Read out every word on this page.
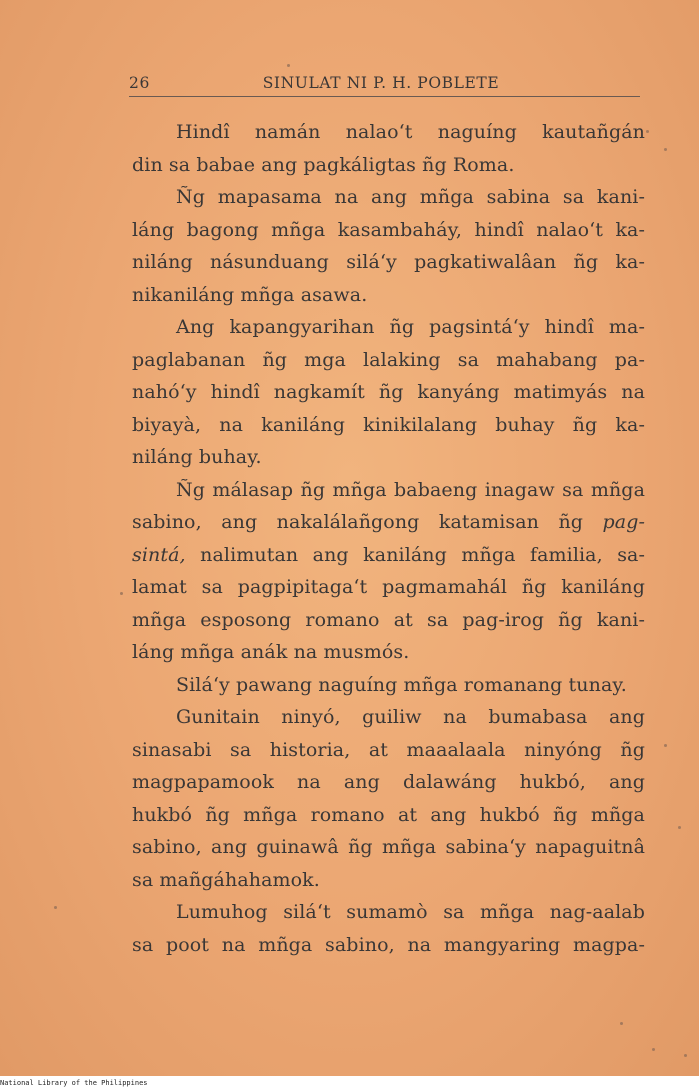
26	SINULAT NI P. H. POBLETE
Hindî namán nalao‘t naguíng kautañgán
din sa babae ang pagkáligtas ñg Roma.
Ñg mapasama na ang mñga sabina sa kani-
láng bagong mñga kasambaháy, hindî nalao‘t ka-
niláng násunduang silá‘y pagkatiwalâan ñg ka-
nikaniláng mñga asawa.
Ang kapangyarihan ñg pagsintá‘y hindî ma-
paglabanan ñg mga lalaking sa mahabang pa-
nahó‘y hindî nagkamít ñg kanyáng matimyás na
biyayà, na kaniláng kinikilalang buhay ñg ka-
niláng buhay.
Ñg málasap ñg mñga babaeng inagaw sa mñga
sabino, ang nakalálañgong katamisan ñg pag-
sintá, nalimutan ang kaniláng mñga familia, sa-
lamat sa pagpipitaga‘t pagmamahál ñg kaniláng
mñga esposong romano at sa pag-irog ñg kani-
láng mñga anák na musmós.
Silá‘y pawang naguíng mñga romanang tunay.
Gunitain ninyó, guiliw na bumabasa ang
sinasabi sa historia, at maaalaala ninyóng ñg
magpapamook na ang dalawáng hukbó, ang
hukbó ñg mñga romano at ang hukbó ñg mñga
sabino, ang guinawâ ñg mñga sabina‘y napaguitnâ
sa mañgáhahamok.
Lumuhog silá‘t sumamò sa mñga nag-aalab
sa poot na mñga sabino, na mangyaring magpa-
National Library of the Philippines
